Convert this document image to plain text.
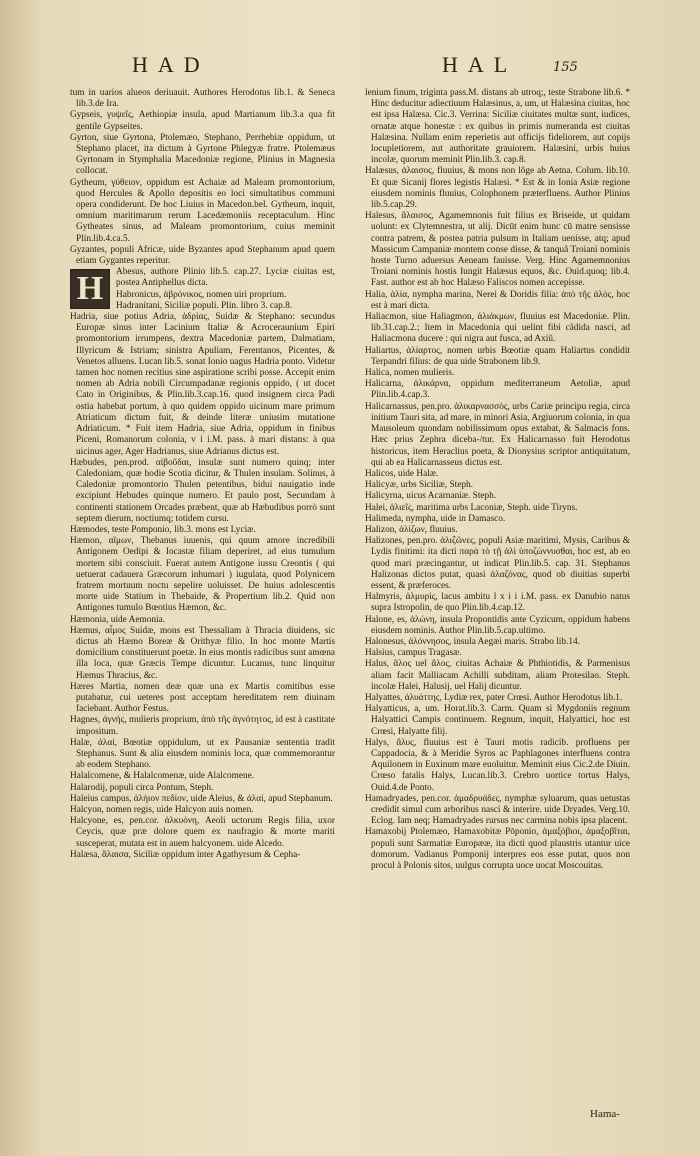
HAD	HAL	155

tum in uarios alueos deriuauit. Authores Herodotus lib.1. & Seneca lib.3.de Ira.

Gypseis, γυψεῖς, Aethiopiæ insula, apud Martianum lib.3.a qua fit gentile Gypseites.

Gyrton, siue Gyrtona, Ptolemæo, Stephano, Perrhebiæ oppidum, ut Stephano placet, ita dictum à Gyrtone Phlegyæ fratre. Ptolemæus Gyrtonam in Stymphalia Macedoniæ regione, Plinius in Magnesia collocat.

Gytheum, γύθειον, oppidum est Achaiæ ad Maleam promontorium, quod Hercules & Apollo depositis eo loci simultatibus communi opera condiderunt. De hoc Liuius in Macedon.bel. Gytheum, inquit, omnium maritimarum rerum Lacedæmoniis receptaculum. Hinc Gytheates sinus, ad Maleam promontorium, cuius meminit Plin.lib.4.ca.5.

Gyzantes, populi Africæ, uide Byzantes apud Stephanum apud quem etiam Gygantes reperitur.

H	Abesus, authore Plinio lib.5. cap.27. Lyciæ ciuitas est, postea Antiphellus dicta.

Habronicus, ἁβρόνικος, nomen uiri proprium.

Hadranitani, Siciliæ populi. Plin. libro 3. cap.8.

Hadria, siue potius Adria, ἀδρίας, Suidæ & Stephano: secundus Europæ sinus inter Lacinium Italiæ & Acroceraunium Epiri promontorium irrumpens, dextra Macedoniæ partem, Dalmatiam, Illyricum & Istriam; sinistra Apuliam, Ferentanos, Picentes, & Venetos alluens. Lucan lib.5. sonat Ionio uagus Hadria ponto. Videtur tamen hoc nomen recitius sine aspiratione scribi posse. Accepit enim nomen ab Adria nobili Circumpadanæ regionis oppido, ( ut docet Cato in Originibus, & Plin.lib.3.cap.16. quod insignem circa Padi ostia habebat portum, à quo quidem oppido uicinum mare primum Atriaticum dictum fuit, & deinde literæ uniusim mutatione Adriaticum. * Fuit item Hadria, siue Adria, oppidum in finibus Piceni, Romanorum colonia, v i i.M. pass. à mari distans: à qua uicinus ager, Ager Hadrianus, siue Adrianus dictus est.

Hæbudes, pen.prod. αἰβοῦδαι, insulæ sunt numero quinq; inter Caledoniam, quæ hodie Scotia dicitur, & Thulen insulam. Solinus, à Caledoniæ promontorio Thulen petentibus, bidui nauigatio inde excipiunt Hebudes quinque numero. Et paulo post, Secundam à continenti stationem Orcades præbent, quæ ab Hæbudibus porrò sunt septem dierum, noctiumq; totidem cursu.

Hæmodes, teste Pomponio, lib.3. mons est Lyciæ.

Hæmon, αἵμων, Thebanus iuuenis, qui quum amore incredibili Antigonem Oedipi & Iocastæ filiam deperiret, ad eius tumulum mortem sibi consciuit. Fuerat autem Antigone iussu Creontis ( qui uetuerat cadauera Græcorum inhumari ) iugulata, quod Polynicem fratrem mortuum noctu sepelire uoluisset. De huius adolescentis morte uide Statium in Thebaide, & Propertium lib.2. Quid non Antigones tumulo Bœotius Hæmon, &c.

Hæmonia, uide Aemonia.

Hæmus, αἷμος Suidæ, mons est Thessaliam à Thracia diuidens, sic dictus ab Hæmo Boreæ & Orithyæ filio. In hoc monte Martis domicilium constituerunt poetæ. In eius montis radicibus sunt amœna illa loca, quæ Græcis Tempe dicuntur. Lucanus, tunc linquitur Hæmus Thracius, &c.

Hæres Martia, nomen deæ quæ una ex Martis comitibus esse putabatur, cui ueteres post acceptam hereditatem rem diuinam faciebant. Author Festus.

Hagnes, ἀγνής, mulieris proprium, ἀπὸ τῆς ἁγνότητος, id est à castitate impositum.

Halæ, ἁλαί, Bœotiæ oppidulum, ut ex Pausaniæ sententia tradit Stephanus. Sunt & alia eiusdem nominis loca, quæ commemorantur ab eodem Stephano.

Halalcomene, & Halalcomenæ, uide Alalcomene.

Halarodij, populi circa Pontum, Steph.

Haleius campus, ἀλήιον πεδίον, uide Aleius, & ἀλαί, apud Stephanum.

Halcyon, nomen regis, uide Halcyon auis nomen.

Halcyone, es, pen.cor. ἀλκυόνη, Aeoli uctorum Regis filia, uxor Ceycis, quæ præ dolore quem ex naufragio & morte mariti susceperat, mutata est in auem halcyonem. uide Alcedo.

Halæsa, ἅλαισα, Siciliæ oppidum inter Agathyrsum & Cepha-

lenium finum, triginta pass.M. distans ab utroq;, teste Strabone lib.6. * Hinc deducitur adiectiuum Halæsinus, a, um, ut Halæsina ciuitas, hoc est ipsa Halæsa. Cic.3. Verrina: Siciliæ ciuitates multæ sunt, iudices, ornatæ atque honestæ : ex quibus in primis numeranda est ciuitas Halæsina. Nullam enim reperietis aut officijs fideliorem, aut copijs locupletiorem, aut authoritate grauiorem. Halæsini, urbis huius incolæ, quorum meminit Plin.lib.3. cap.8.

Halæsus, ἁλαισος, fluuius, & mons non lõge ab Aetna. Colum. lib.10. Et quæ Sicanij flores legistis Halæsi. * Est & in Ionia Asiæ regione eiusdem nominis fluuius, Colophonem præterfluens. Author Plinius lib.5.cap.29.

Halesus, ἅλαισος, Agamemnonis fuit filius ex Briseide, ut quidam uolunt: ex Clytemnestra, ut alij. Dicūt enim hunc cū matre sensisse contra patrem, & postea patria pulsum in Italiam uenisse, atq; apud Massicum Campaniæ montem conse disse, & tanquã Troiani nominis hoste Turno aduersus Aeneam fauisse. Verg. Hinc Agamemnonius Troiani nominis hostis Iungit Halæsus equos, &c. Ouid.quoq; lib.4. Fast. author est ab hoc Halæso Faliscos nomen accepisse.

Halia, ἁλία, nympha marina, Nerei & Doridis filia: ἀπὸ τῆς ἁλὸς, hoc est à mari dicta.

Haliacmon, siue Haliagmon, ἁλιάκμων, fluuius est Macedoniæ. Plin. lib.31.cap.2.; Item in Macedonia qui uelint fibi cãdida nasci, ad Haliacmona ducere : qui nigra aut fusca, ad Axiũ.

Haliartus, ἁλίαρτος, nomen urbis Bœotiæ quam Haliartus condidit Terpandri filius: de qua uide Strabonem lib.9.

Halica, nomen mulieris.

Halicarna, ἁλικάρνα, oppidum mediterraneum Aetoliæ, apud Plin.lib.4.cap.3.

Halicarnassus, pen.pro. ἁλικαρνασσὸς, urbs Cariæ princìpu regia, circa initium Tauri sita, ad mare, in minori Asia, Argiuorum colonia, in qua Mausoleum quondam nobilissimum opus extabat, & Salmacis fons. Hæc prius Zephra diceba-/tur. Ex Halicarnasso fuit Herodotus historicus, item Heraclius poeta, & Dionysius scriptor antiquitatum, qui ab ea Halicarnasseus dictus est.

Halicos, uide Halæ.

Halicyæ, urbs Siciliæ, Steph.

Halicyrna, uicus Acarnaniæ. Steph.

Halei, ἁλιεῖς, maritima urbs Laconiæ, Steph. uide Tiryns.

Halimeda, nympha, uide in Damasco.

Halizon, ἀλίζων, fluuius.

Halizones, pen.pro. ἁλιζῶνες, populi Asiæ maritimi, Mysis, Caribus & Lydis finitimi: ita dicti παρὰ τὸ τῇ ἁλὶ ὑποζώννυσθαι, hoc est, ab eo quod mari præcingantur, ut indicat Plin.lib.5. cap. 31. Stephanus Halizonas dictos putat, quasi ἀλαζόνας, quod ob diuitias superbi essent, & præferoces.

Halmyris, ἁλμυρὶς, lacus ambitu l x i i i.M. pass. ex Danubio natus supra Istropolin, de quo Plin.lib.4.cap.12.

Halone, es, ἁλώνη, insula Propontidis ante Cyzicum, oppidum habens eiusdem nominis. Author Plin.lib.5.cap.ultimo.

Halonesus, ἁλόννησος, insula Aegæi maris. Strabo lib.14.

Halsius, campus Tragasæ.

Halus, ἅλος uel ἅλος, ciuitas Achaiæ & Phthiotidis, & Parmenisus aliam facit Malliacam Achilli subditam, aliam Protesilao. Steph. incolæ Halei, Halusij, uel Halij dicuntur.

Halyattes, ἀλυάττης, Lydiæ rex, pater Crœsi. Author Herodotus lib.1.

Halyatticus, a, um. Horat.lib.3. Carm. Quam si Mygdoniis regnum Halyattici Campis continuem. Regnum, inquit, Halyattici, hoc est Crœsi, Halyatte filij.

Halys, ἅλυς, fluuius est è Tauri motis radicib. profluens per Cappadocia, & à Meridie Syros ac Paphlagones interfluens contra Aquilonem in Euxinum mare euoluitur. Meminit eius Cic.2.de Diuin. Crœso fatalis Halys, Lucan.lib.3. Crebro uortice tortus Halys, Ouid.4.de Ponto.

Hamadryades, pen.cor. ἁμαδρυάδες, nymphæ syluarum, quas uetustas credidit simul cum arboribus nasci & interire. uide Dryades. Verg.10. Eclog. Iam neq; Hamadryades rursus nec carmina nobis ipsa placent.

Hamaxobij Ptolemæo, Hamaxobitæ Pōponio, ἁμαξόβιοι, ἁμαξοβῖται, populi sunt Sarmatiæ Europææ, ita dicti quod plaustris utantur uice domorum. Vadianus Pomponij interpres eos esse putat, quos non procul à Polonis sitos, uulgus corrupta uoce uocat Moscouitas.

Hama-
